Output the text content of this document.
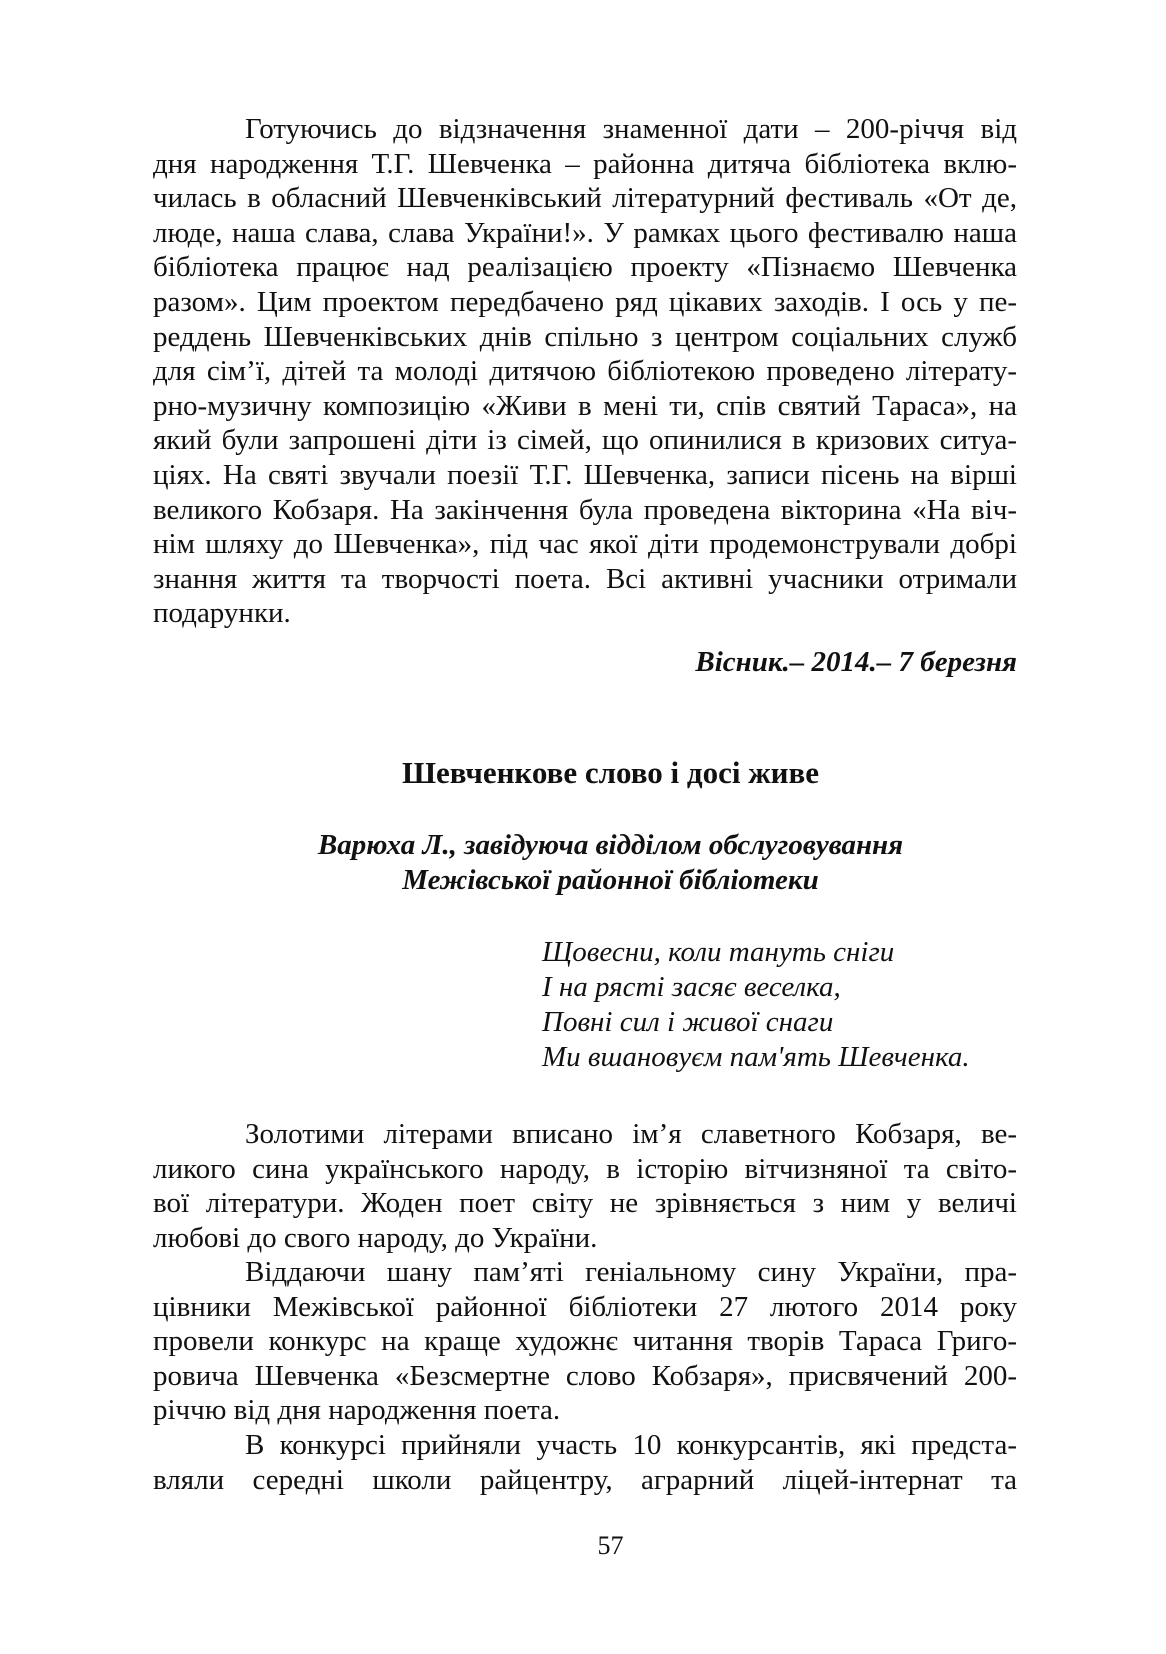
Готуючись до відзначення знаменної дати – 200-річчя від
дня народження Т.Г. Шевченка – районна дитяча бібліотека вклю-
чилась в обласний Шевченківський літературний фестиваль «От де,
люде, наша слава, слава України!». У рамках цього фестивалю наша
бібліотека працює над реалізацією проекту «Пізнаємо Шевченка
разом». Цим проектом передбачено ряд цікавих заходів. І ось у пе-
реддень Шевченківських днів спільно з центром соціальних служб
для сім’ї, дітей та молоді дитячою бібліотекою проведено літерату-
рно-музичну композицію «Живи в мені ти, спів святий Тараса», на
який були запрошені діти із сімей, що опинилися в кризових ситуа-
ціях. На святі звучали поезії Т.Г. Шевченка, записи пісень на вірші
великого Кобзаря. На закінчення була проведена вікторина «На віч-
нім шляху до Шевченка», під час якої діти продемонстрували добрі
знання життя та творчості поета. Всі активні учасники отримали
подарунки.
Вісник.– 2014.– 7 березня
Шевченкове слово і досі живе
Варюха Л., завідуюча відділом обслуговування
Межівської районної бібліотеки
Щовесни, коли тануть сніги
І на рясті засяє веселка,
Повні сил і живої снаги
Ми вшановуєм пам'ять Шевченка.
Золотими літерами вписано ім’я славетного Кобзаря, ве-
ликого сина українського народу, в історію вітчизняної та світо-
вої літератури. Жоден поет світу не зрівняється з ним у величі
любові до свого народу, до України.
Віддаючи шану пам’яті геніальному сину України, пра-
цівники Межівської районної бібліотеки 27 лютого 2014 року
провели конкурс на краще художнє читання творів Тараса Григо-
ровича Шевченка «Безсмертне слово Кобзаря», присвячений 200-
річчю від дня народження поета.
В конкурсі прийняли участь 10 конкурсантів, які предста-
вляли середні школи райцентру, аграрний ліцей-інтернат та
57
